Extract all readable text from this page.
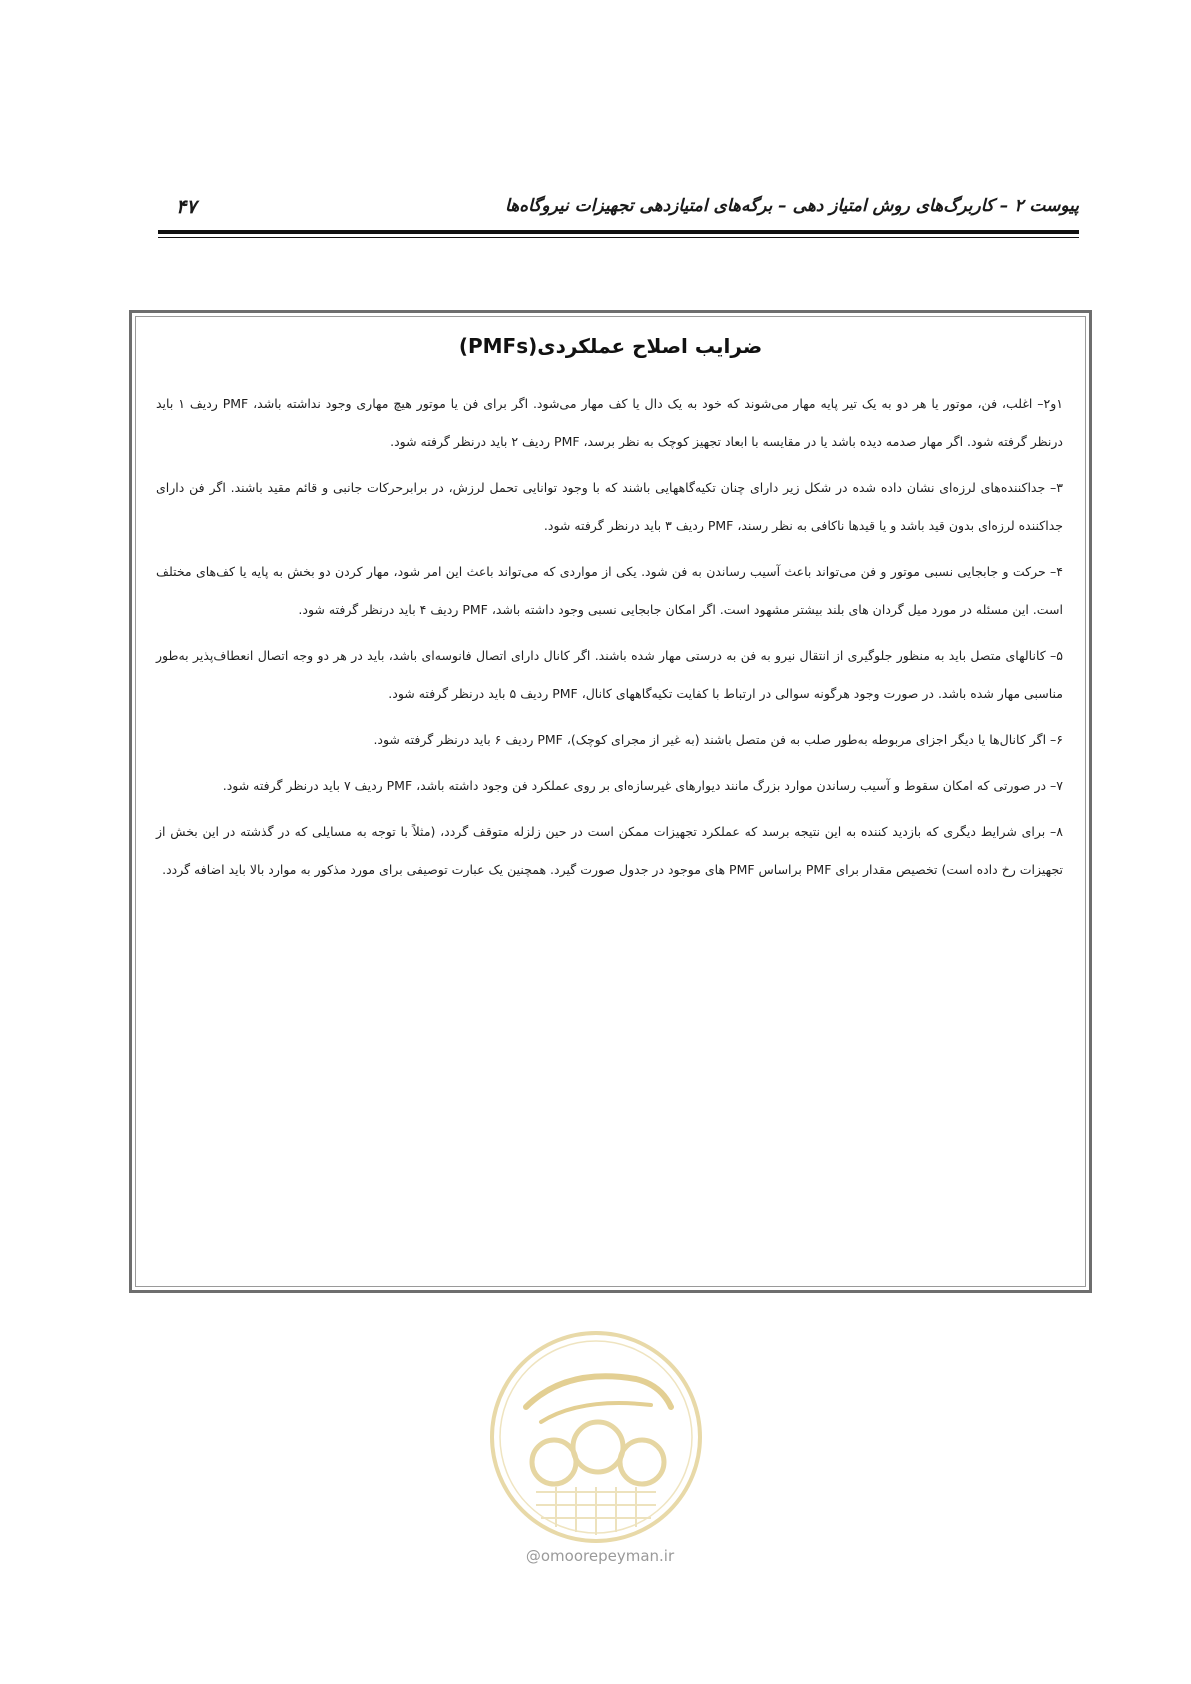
۴۷	پیوست ۲ – کاربرگ‌های روش امتیاز دهی – برگه‌های امتیازدهی تجهیزات نیروگاه‌ها
ضرایب اصلاح عملکردی(PMFs)

۱و۲– اغلب، فن، موتور یا هر دو به یک تیر پایه مهار می‌شوند که خود به یک دال یا کف مهار می‌شود. اگر برای فن یا موتور هیچ مهاری وجود نداشته باشد، PMF ردیف ۱ باید درنظر گرفته شود. اگر مهار صدمه دیده باشد یا در مقایسه با ابعاد تجهیز کوچک به نظر برسد، PMF ردیف ۲ باید درنظر گرفته شود.

۳– جداکننده‌های لرزه‌ای نشان داده شده در شکل زیر دارای چنان تکیه‌گاههایی باشند که با وجود توانایی تحمل لرزش، در برابرحرکات جانبی و قائم مقید باشند. اگر فن دارای جداکننده لرزه‌ای بدون قید باشد و یا قیدها ناکافی به نظر رسند، PMF ردیف ۳ باید درنظر گرفته شود.

۴– حرکت و جابجایی نسبی موتور و فن می‌تواند باعث آسیب رساندن به فن شود. یکی از مواردی که می‌تواند باعث این امر شود، مهار کردن دو بخش به پایه یا کف‌های مختلف است. این مسئله در مورد میل گردان های بلند بیشتر مشهود است. اگر امکان جابجایی نسبی وجود داشته باشد، PMF ردیف ۴ باید درنظر گرفته شود.

۵– کانالهای متصل باید به منظور جلوگیری از انتقال نیرو به فن به درستی مهار شده باشند. اگر کانال دارای اتصال فانوسه‌ای باشد، باید در هر دو وجه اتصال انعطاف‌پذیر به‌طور مناسبی مهار شده باشد. در صورت وجود هرگونه سوالی در ارتباط با کفایت تکیه‌گاههای کانال، PMF ردیف ۵ باید درنظر گرفته شود.

۶– اگر کانال‌ها یا دیگر اجزای مربوطه به‌طور صلب به فن متصل باشند (به غیر از مجرای کوچک)، PMF ردیف ۶ باید درنظر گرفته شود.

۷– در صورتی که امکان سقوط و آسیب رساندن موارد بزرگ مانند دیوارهای غیرسازه‌ای بر روی عملکرد فن وجود داشته باشد، PMF ردیف ۷ باید درنظر گرفته شود.

۸– برای شرایط دیگری که بازدید کننده به این نتیجه برسد که عملکرد تجهیزات ممکن است در حین زلزله متوقف گردد، (مثلاً با توجه به مسایلی که در گذشته در این بخش از تجهیزات رخ داده است) تخصیص مقدار برای PMF براساس PMF های موجود در جدول صورت گیرد. همچنین یک عبارت توصیفی برای مورد مذکور به موارد بالا باید اضافه گردد.

@omoorepeyman.ir
